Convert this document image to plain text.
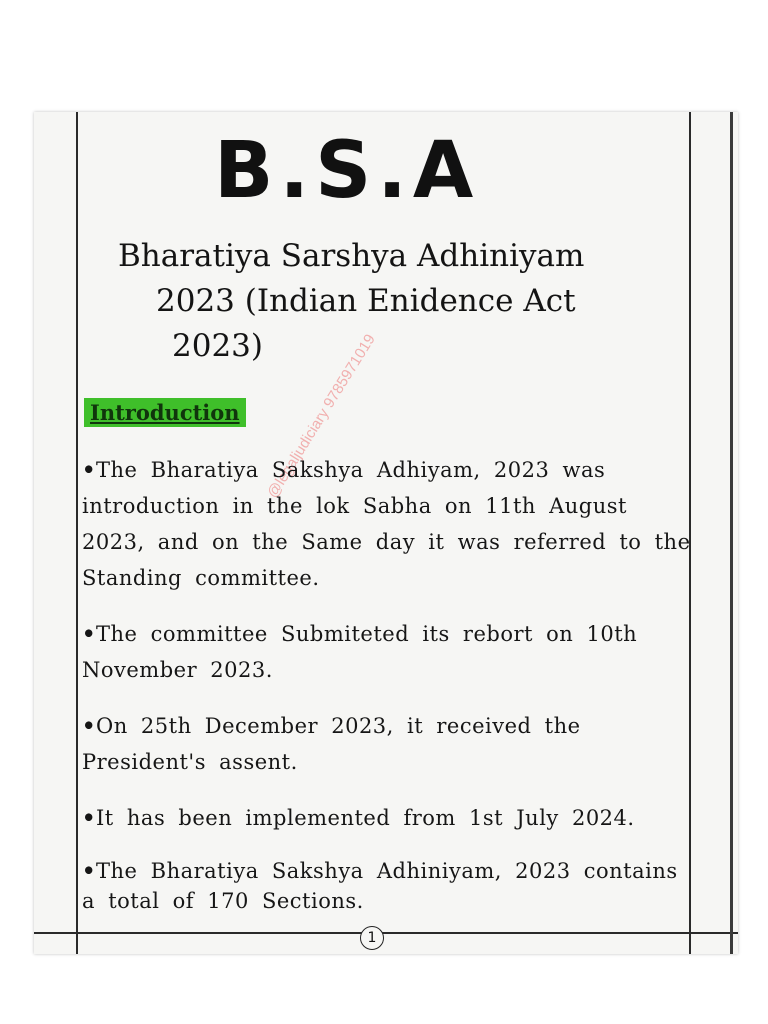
B.S.A

Bharatiya Sarshya Adhiniyam
2023 (Indian Enidence Act
2023)

Introduction	@legaljudiciary 9785971019
•The Bharatiya Sakshya Adhiyam, 2023 was introduction in the lok Sabha on 11th August 2023, and on the Same day it was referred to the Standing committee.
•The committee Submiteted its rebort on 10th November 2023.
•On 25th December 2023, it received the President's assent.
•It has been implemented from 1st July 2024.
•The Bharatiya Sakshya Adhiniyam, 2023 contains a total of 170 Sections.
1
